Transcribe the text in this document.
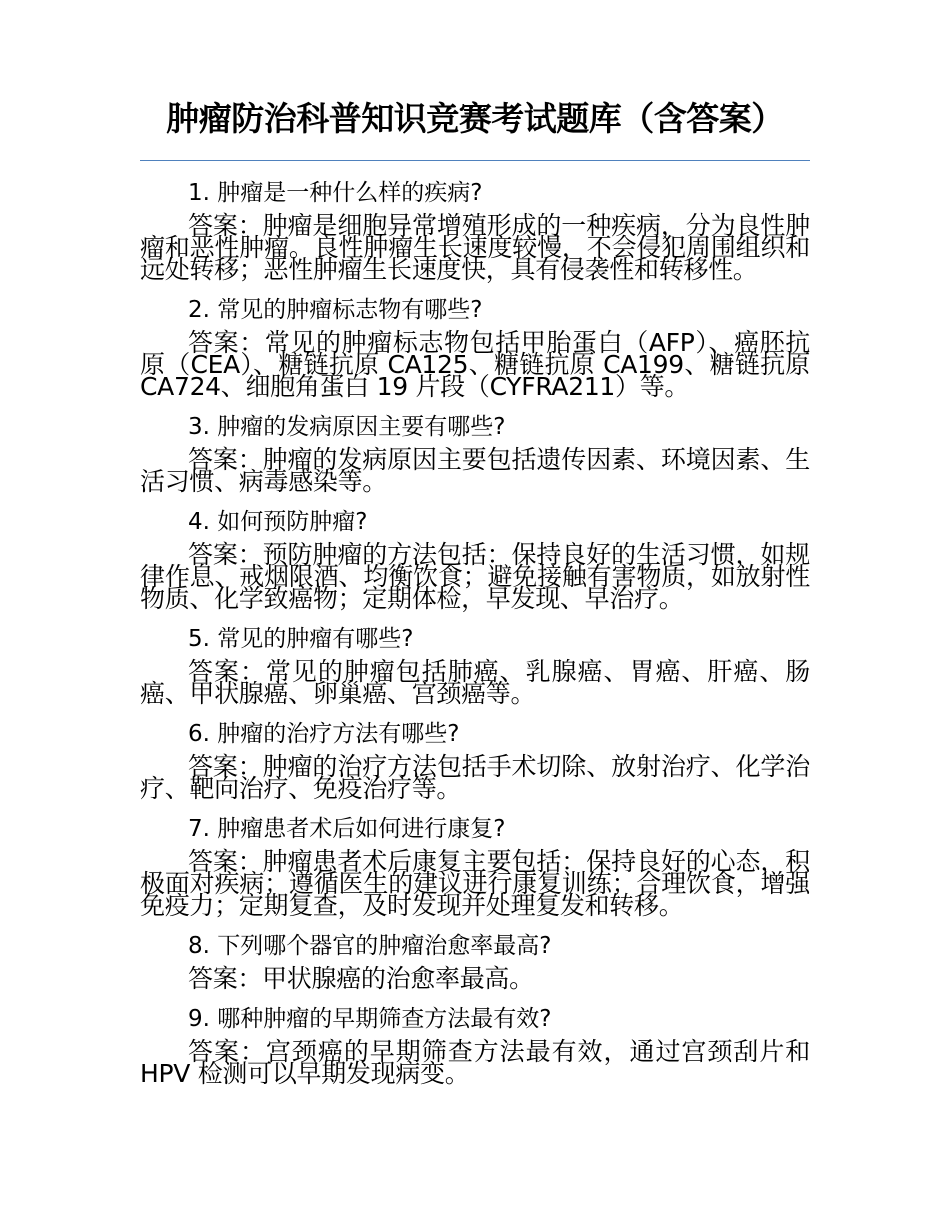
肿瘤防治科普知识竞赛考试题库（含答案）

1. 肿瘤是一种什么样的疾病?

答案：肿瘤是细胞异常增殖形成的一种疾病，分为良性肿瘤和恶性肿瘤。良性肿瘤生长速度较慢，不会侵犯周围组织和远处转移；恶性肿瘤生长速度快，具有侵袭性和转移性。

2. 常见的肿瘤标志物有哪些?

答案：常见的肿瘤标志物包括甲胎蛋白（AFP）、癌胚抗原（CEA）、糖链抗原 CA125、糖链抗原 CA199、糖链抗原 CA724、细胞角蛋白 19 片段（CYFRA211）等。

3. 肿瘤的发病原因主要有哪些?

答案：肿瘤的发病原因主要包括遗传因素、环境因素、生活习惯、病毒感染等。

4. 如何预防肿瘤?

答案：预防肿瘤的方法包括：保持良好的生活习惯，如规律作息、戒烟限酒、均衡饮食；避免接触有害物质，如放射性物质、化学致癌物；定期体检，早发现、早治疗。

5. 常见的肿瘤有哪些?

答案：常见的肿瘤包括肺癌、乳腺癌、胃癌、肝癌、肠癌、甲状腺癌、卵巢癌、宫颈癌等。

6. 肿瘤的治疗方法有哪些?

答案：肿瘤的治疗方法包括手术切除、放射治疗、化学治疗、靶向治疗、免疫治疗等。

7. 肿瘤患者术后如何进行康复?

答案：肿瘤患者术后康复主要包括：保持良好的心态，积极面对疾病；遵循医生的建议进行康复训练；合理饮食，增强免疫力；定期复查，及时发现并处理复发和转移。

8. 下列哪个器官的肿瘤治愈率最高?

答案：甲状腺癌的治愈率最高。

9. 哪种肿瘤的早期筛查方法最有效?

答案：宫颈癌的早期筛查方法最有效，通过宫颈刮片和 HPV 检测可以早期发现病变。
